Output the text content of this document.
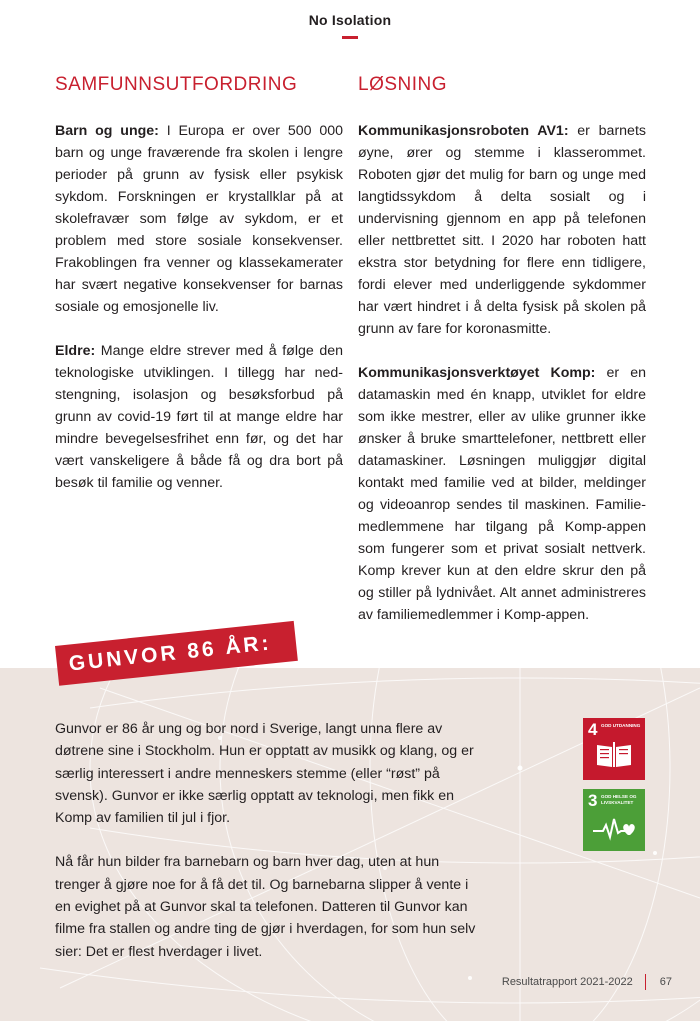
No Isolation
SAMFUNNSUTFORDRING

Barn og unge: I Europa er over 500 000 barn og unge fraværende fra skolen i lengre perioder på grunn av fysisk eller psykisk sykdom. Forskningen er krystallklar på at skolefravær som følge av sykdom, er et problem med store sosiale konsekvenser. Frakoblingen fra venner og klassekamerater har svært negative konsekvenser for barnas sosiale og emosjonelle liv.

Eldre: Mange eldre strever med å følge den teknologiske utviklingen. I tillegg har ned-stengning, isolasjon og besøksforbud på grunn av covid-19 ført til at mange eldre har mindre bevegelsesfrihet enn før, og det har vært vanskeligere å både få og dra bort på besøk til familie og venner.

LØSNING

Kommunikasjonsroboten AV1: er barnets øyne, ører og stemme i klasserommet. Roboten gjør det mulig for barn og unge med langtidssykdom å delta sosialt og i undervisning gjennom en app på telefonen eller nettbrettet sitt. I 2020 har roboten hatt ekstra stor betydning for flere enn tidligere, fordi elever med underliggende sykdommer har vært hindret i å delta fysisk på skolen på grunn av fare for koronasmitte.

Kommunikasjonsverktøyet Komp: er en datamaskin med én knapp, utviklet for eldre som ikke mestrer, eller av ulike grunner ikke ønsker å bruke smarttelefoner, nettbrett eller datamaskiner. Løsningen muliggjør digital kontakt med familie ved at bilder, meldinger og videoanrop sendes til maskinen. Familie-medlemmene har tilgang på Komp-appen som fungerer som et privat sosialt nettverk. Komp krever kun at den eldre skrur den på og stiller på lydnivået. Alt annet administreres av familiemedlemmer i Komp-appen.

GUNVOR 86 ÅR:

Gunvor er 86 år ung og bor nord i Sverige, langt unna flere av døtrene sine i Stockholm. Hun er opptatt av musikk og klang, og er særlig interessert i andre menneskers stemme (eller “røst” på svensk). Gunvor er ikke særlig opptatt av teknologi, men fikk en Komp av familien til jul i fjor.

Nå får hun bilder fra barnebarn og barn hver dag, uten at hun trenger å gjøre noe for å få det til. Og barnebarna slipper å vente i en evighet på at Gunvor skal ta telefonen. Datteren til Gunvor kan filme fra stallen og andre ting de gjør i hverdagen, for som hun selv sier: Det er flest hverdager i livet.

4 GOD UTDANNING
3 GOD HELSE OG LIVSKVALITET
Resultatrapport 2021-2022 67
